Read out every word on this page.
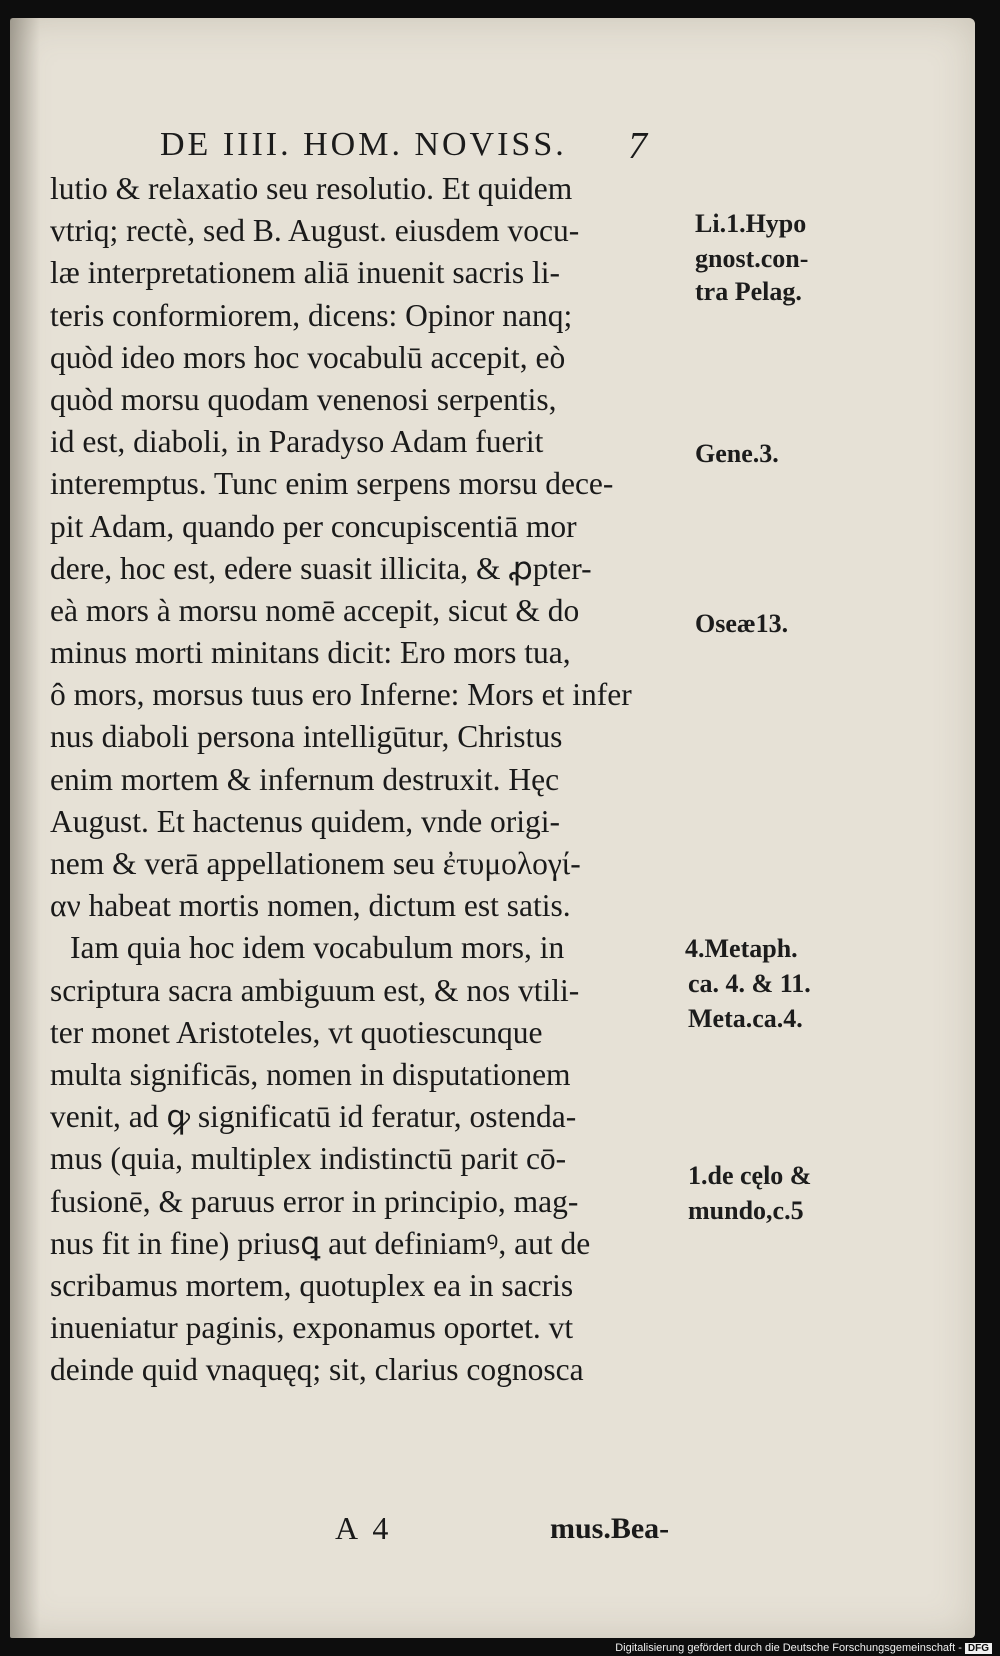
DE IIII. HOM. NOVISS. 7
lutio & relaxatio seu resolutio. Et quidem
vtriq; rectè, sed B. August. eiusdem vocu-
læ interpretationem aliā inuenit sacris li-
teris conformiorem, dicens: Opinor nanq;
quòd ideo mors hoc vocabulū accepit, eò
quòd morsu quodam venenosi serpentis,
id est, diaboli, in Paradyso Adam fuerit
interemptus. Tunc enim serpens morsu dece-
pit Adam, quando per concupiscentiā mor
dere, hoc est, edere suasit illicita, & ꝓpter-
eà mors à morsu nomē accepit, sicut & do
minus morti minitans dicit: Ero mors tua,
ô mors, morsus tuus ero Inferne: Mors et infer
nus diaboli persona intelligūtur, Christus
enim mortem & infernum destruxit. Hęc
August. Et hactenus quidem, vnde origi-
nem & verā appellationem seu ἐτυμολογί-
αν habeat mortis nomen, dictum est satis.
Iam quia hoc idem vocabulum mors, in
scriptura sacra ambiguum est, & nos vtili-
ter monet Aristoteles, vt quotiescunque
multa significās, nomen in disputationem
venit, ad ꝙ significatū id feratur, ostenda-
mus (quia, multiplex indistinctū parit cō-
fusionē, & paruus error in principio, mag-
nus fit in fine) priusꝗ aut definiamꝰ, aut de
scribamus mortem, quotuplex ea in sacris
inueniatur paginis, exponamus oportet. vt
deinde quid vnaquęq; sit, clarius cognosca
Li.1.Hypo
gnost.con-
tra Pelag.
Gene.3.
Oseæ13.
4.Metaph.
ca. 4. & 11.
Meta.ca.4.
1.de cęlo &
mundo,c.5
A 4	mus.Bea-
Digitalisierung gefördert durch die Deutsche Forschungsgemeinschaft - DFG
